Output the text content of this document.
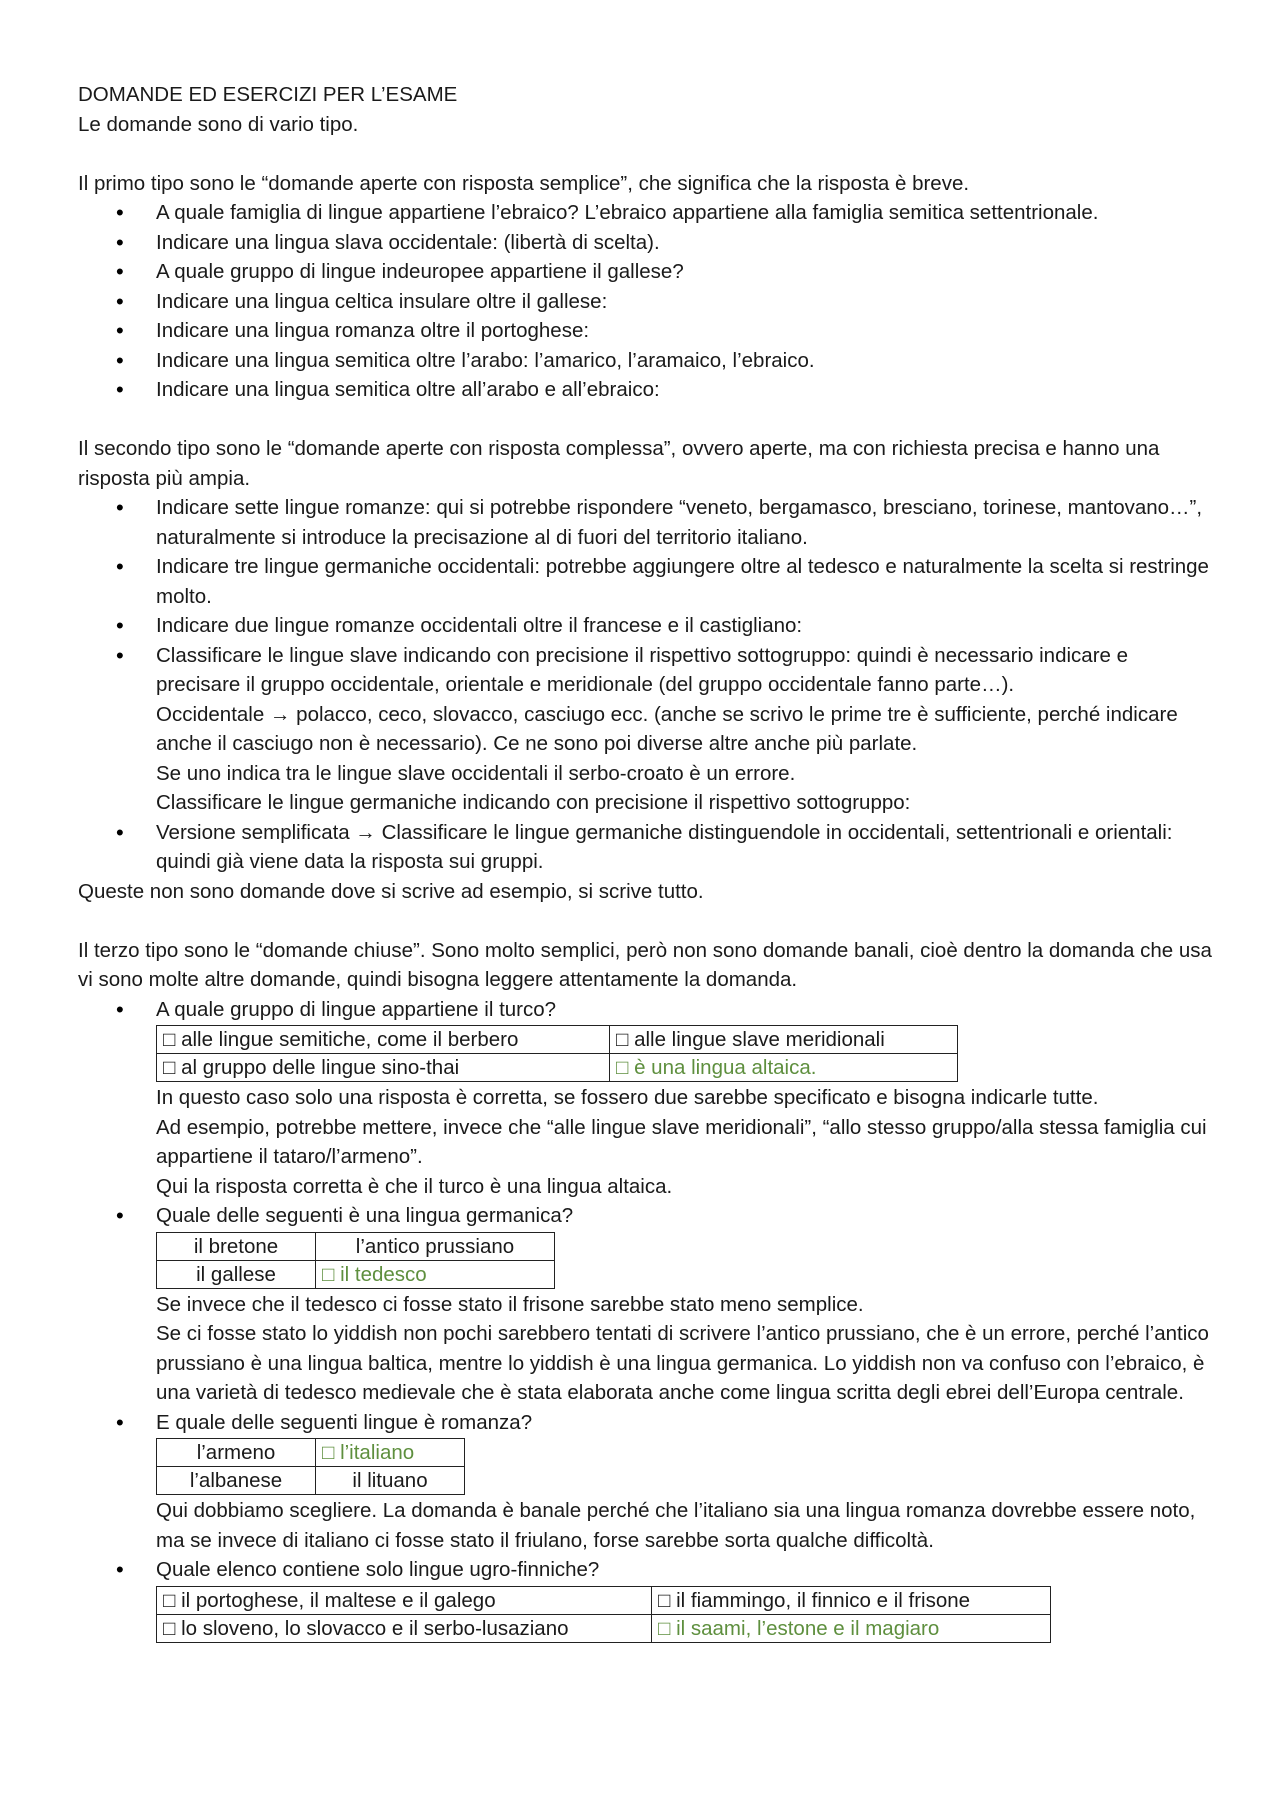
DOMANDE ED ESERCIZI PER L’ESAME

Le domande sono di vario tipo.

Il primo tipo sono le “domande aperte con risposta semplice”, che significa che la risposta è breve.

• A quale famiglia di lingue appartiene l’ebraico? L’ebraico appartiene alla famiglia semitica settentrionale.
• Indicare una lingua slava occidentale: (libertà di scelta).
• A quale gruppo di lingue indeuropee appartiene il gallese?
• Indicare una lingua celtica insulare oltre il gallese:
• Indicare una lingua romanza oltre il portoghese:
• Indicare una lingua semitica oltre l’arabo: l’amarico, l’aramaico, l’ebraico.
• Indicare una lingua semitica oltre all’arabo e all’ebraico:

Il secondo tipo sono le “domande aperte con risposta complessa”, ovvero aperte, ma con richiesta precisa e hanno una risposta più ampia.

• Indicare sette lingue romanze: qui si potrebbe rispondere “veneto, bergamasco, bresciano, torinese, mantovano…”, naturalmente si introduce la precisazione al di fuori del territorio italiano.
• Indicare tre lingue germaniche occidentali: potrebbe aggiungere oltre al tedesco e naturalmente la scelta si restringe molto.
• Indicare due lingue romanze occidentali oltre il francese e il castigliano:
• Classificare le lingue slave indicando con precisione il rispettivo sottogruppo: quindi è necessario indicare e precisare il gruppo occidentale, orientale e meridionale (del gruppo occidentale fanno parte…).
Occidentale → polacco, ceco, slovacco, casciugo ecc. (anche se scrivo le prime tre è sufficiente, perché indicare anche il casciugo non è necessario). Ce ne sono poi diverse altre anche più parlate.
Se uno indica tra le lingue slave occidentali il serbo-croato è un errore.
Classificare le lingue germaniche indicando con precisione il rispettivo sottogruppo:
• Versione semplificata → Classificare le lingue germaniche distinguendole in occidentali, settentrionali e orientali: quindi già viene data la risposta sui gruppi.

Queste non sono domande dove si scrive ad esempio, si scrive tutto.

Il terzo tipo sono le “domande chiuse”. Sono molto semplici, però non sono domande banali, cioè dentro la domanda che usa vi sono molte altre domande, quindi bisogna leggere attentamente la domanda.

• A quale gruppo di lingue appartiene il turco?
□ alle lingue semitiche, come il berbero	□ alle lingue slave meridionali
□ al gruppo delle lingue sino-thai	□ è una lingua altaica.
In questo caso solo una risposta è corretta, se fossero due sarebbe specificato e bisogna indicarle tutte.
Ad esempio, potrebbe mettere, invece che “alle lingue slave meridionali”, “allo stesso gruppo/alla stessa famiglia cui appartiene il tataro/l’armeno”.
Qui la risposta corretta è che il turco è una lingua altaica.
• Quale delle seguenti è una lingua germanica?
il bretone	l’antico prussiano
il gallese	□ il tedesco
Se invece che il tedesco ci fosse stato il frisone sarebbe stato meno semplice.
Se ci fosse stato lo yiddish non pochi sarebbero tentati di scrivere l’antico prussiano, che è un errore, perché l’antico prussiano è una lingua baltica, mentre lo yiddish è una lingua germanica. Lo yiddish non va confuso con l’ebraico, è una varietà di tedesco medievale che è stata elaborata anche come lingua scritta degli ebrei dell’Europa centrale.
• E quale delle seguenti lingue è romanza?
l’armeno	□ l’italiano
l’albanese	il lituano
Qui dobbiamo scegliere. La domanda è banale perché che l’italiano sia una lingua romanza dovrebbe essere noto, ma se invece di italiano ci fosse stato il friulano, forse sarebbe sorta qualche difficoltà.
• Quale elenco contiene solo lingue ugro-finniche?
□ il portoghese, il maltese e il galego	□ il fiammingo, il finnico e il frisone
□ lo sloveno, lo slovacco e il serbo-lusaziano	□ il saami, l’estone e il magiaro
